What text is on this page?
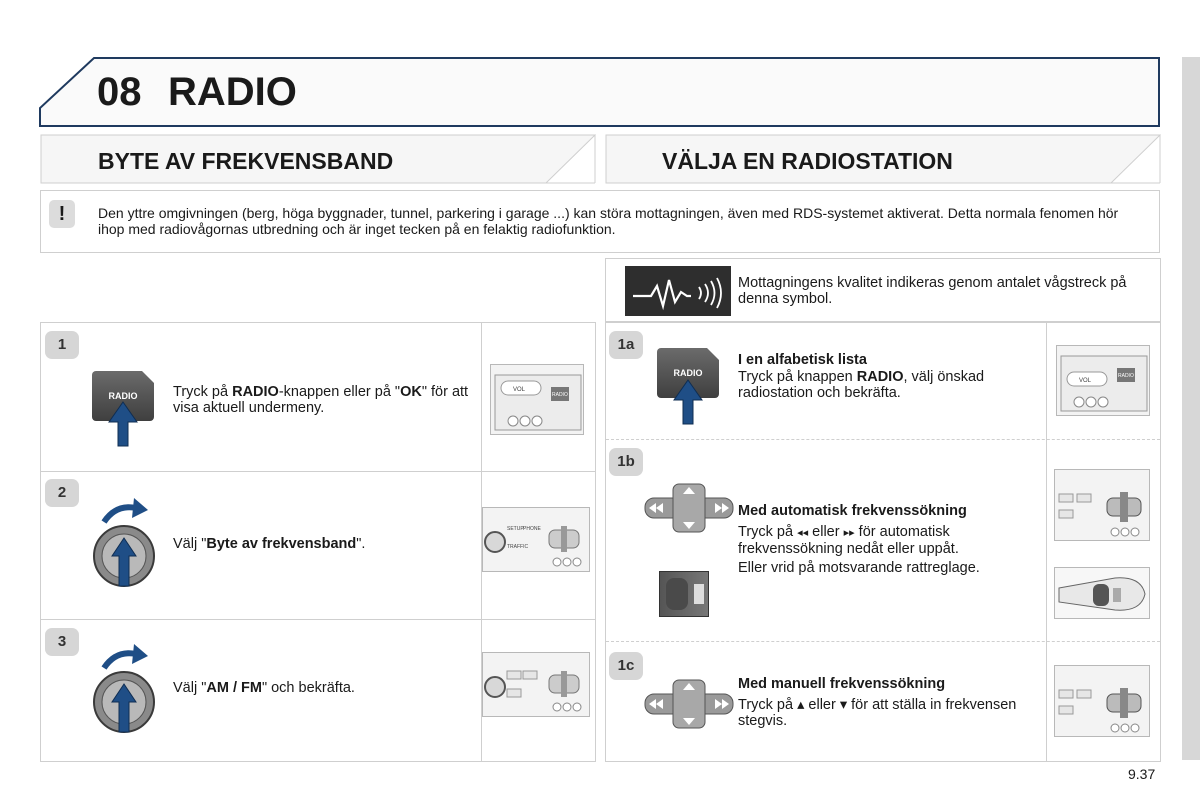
08 RADIO
BYTE AV FREKVENSBAND	VÄLJA EN RADIOSTATION
!	Den yttre omgivningen (berg, höga byggnader, tunnel, parkering i garage ...) kan störa mottagningen, även med RDS-systemet aktiverat. Detta normala fenomen hör ihop med radiovågornas utbredning och är inget tecken på en felaktig radiofunktion.
Mottagningens kvalitet indikeras genom antalet vågstreck på denna symbol.
1
RADIO	Tryck på RADIO-knappen eller på "OK" för att visa aktuell undermeny.
VOL
RADIO
2
Välj "Byte av frekvensband".
SETUP PHONE
TRAFFIC
3
Välj "AM / FM" och bekräfta.
1a
RADIO
I en alfabetisk lista
Tryck på knappen RADIO, välj önskad radiostation och bekräfta.
VOL
RADIO
1b
Med automatisk frekvenssökning
Tryck på ◂◂ eller ▸▸ för automatisk frekvenssökning nedåt eller uppåt.
Eller vrid på motsvarande rattreglage.
1c
Med manuell frekvenssökning
Tryck på ▴ eller ▾ för att ställa in frekvensen stegvis.
9.37
